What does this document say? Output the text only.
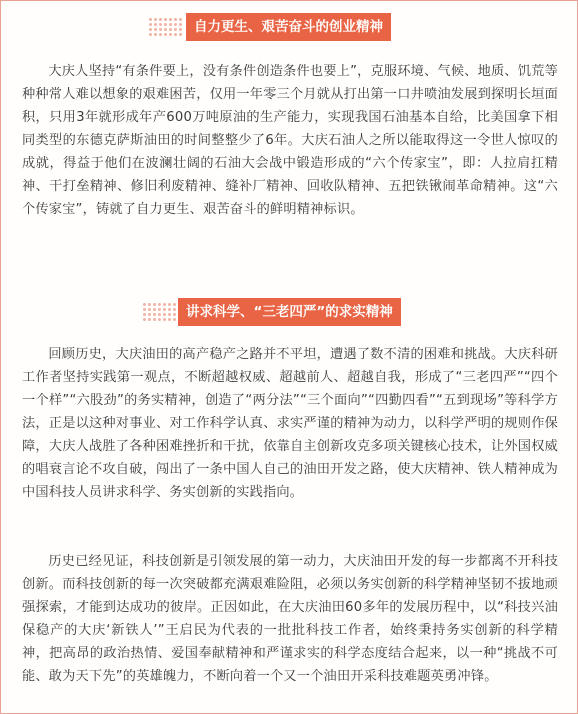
自力更生、艰苦奋斗的创业精神

大庆人坚持“有条件要上，没有条件创造条件也要上”，克服环境、气候、地质、饥荒等种种常人难以想象的艰难困苦，仅用一年零三个月就从打出第一口井喷油发展到探明长垣面积，只用3年就形成年产600万吨原油的生产能力，实现我国石油基本自给，比美国拿下相同类型的东德克萨斯油田的时间整整少了6年。大庆石油人之所以能取得这一令世人惊叹的成就，得益于他们在波澜壮阔的石油大会战中锻造形成的“六个传家宝”，即：人拉肩扛精神、干打垒精神、修旧利废精神、缝补厂精神、回收队精神、五把铁锹闹革命精神。这“六个传家宝”，铸就了自力更生、艰苦奋斗的鲜明精神标识。

讲求科学、“三老四严”的求实精神

回顾历史，大庆油田的高产稳产之路并不平坦，遭遇了数不清的困难和挑战。大庆科研工作者坚持实践第一观点，不断超越权威、超越前人、超越自我，形成了“三老四严”“四个一个样”“六股劲”的务实精神，创造了“两分法”“三个面向”“四勤四看”“五到现场”等科学方法，正是以这种对事业、对工作科学认真、求实严谨的精神为动力，以科学严明的规则作保障，大庆人战胜了各种困难挫折和干扰，依靠自主创新攻克多项关键核心技术，让外国权威的唱衰言论不攻自破，闯出了一条中国人自己的油田开发之路，使大庆精神、铁人精神成为中国科技人员讲求科学、务实创新的实践指向。

历史已经见证，科技创新是引领发展的第一动力，大庆油田开发的每一步都离不开科技创新。而科技创新的每一次突破都充满艰难险阻，必须以务实创新的科学精神坚韧不拔地顽强探索，才能到达成功的彼岸。正因如此，在大庆油田60多年的发展历程中，以“科技兴油保稳产的大庆‘新铁人’”王启民为代表的一批批科技工作者，始终秉持务实创新的科学精神，把高昂的政治热情、爱国奉献精神和严谨求实的科学态度结合起来，以一种“挑战不可能、敢为天下先”的英雄魄力，不断向着一个又一个油田开采科技难题英勇冲锋。
